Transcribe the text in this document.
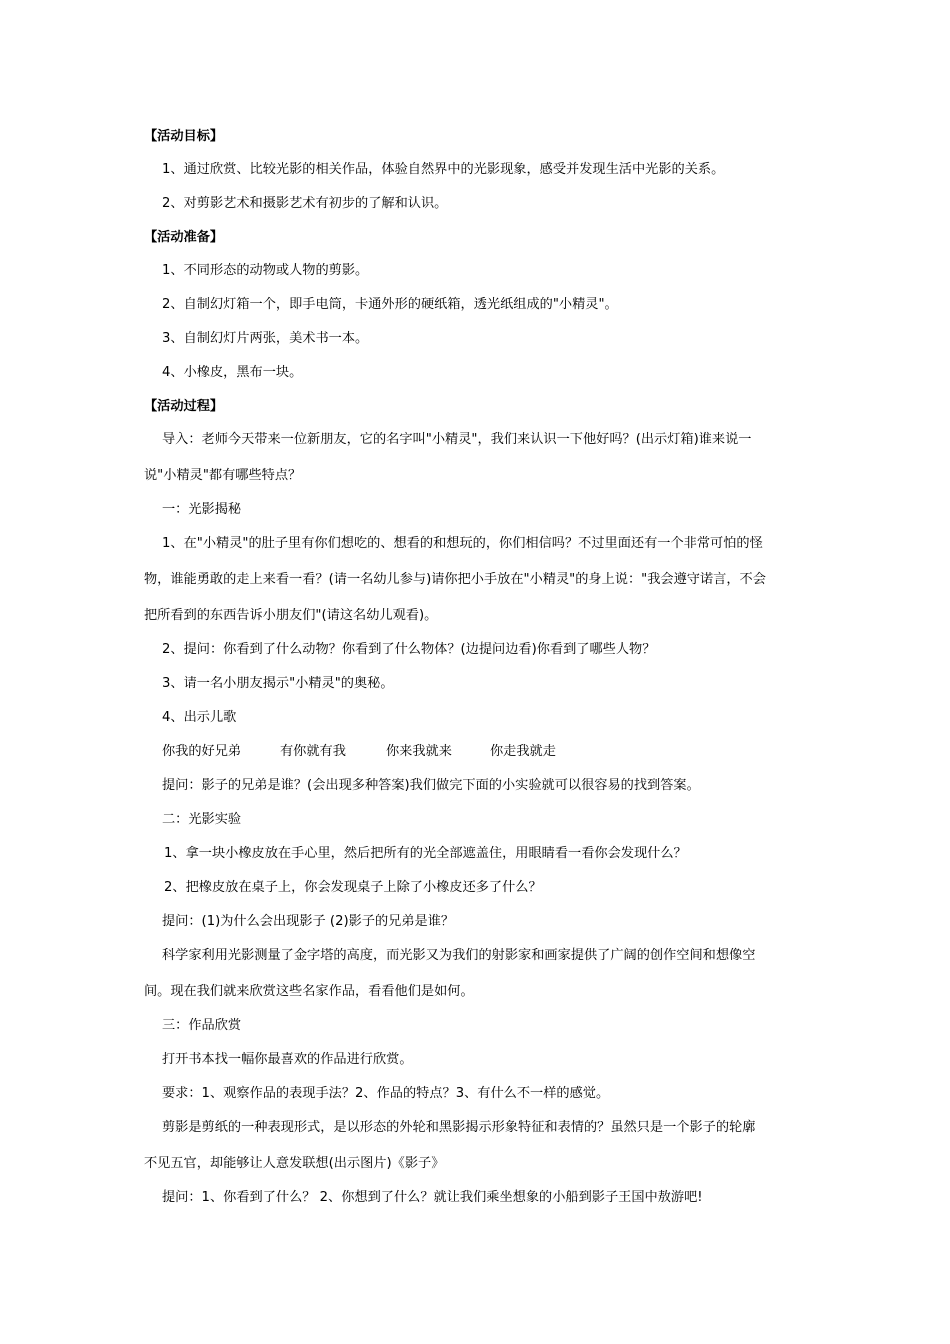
【活动目标】

1、通过欣赏、比较光影的相关作品，体验自然界中的光影现象，感受并发现生活中光影的关系。

2、对剪影艺术和摄影艺术有初步的了解和认识。

【活动准备】

1、不同形态的动物或人物的剪影。

2、自制幻灯箱一个，即手电筒，卡通外形的硬纸箱，透光纸组成的"小精灵"。

3、自制幻灯片两张，美术书一本。

4、小橡皮，黑布一块。

【活动过程】

导入：老师今天带来一位新朋友，它的名字叫"小精灵"，我们来认识一下他好吗？(出示灯箱)谁来说一

说"小精灵"都有哪些特点？

一：光影揭秘

1、在"小精灵"的肚子里有你们想吃的、想看的和想玩的，你们相信吗？不过里面还有一个非常可怕的怪

物，谁能勇敢的走上来看一看？(请一名幼儿参与)请你把小手放在"小精灵"的身上说："我会遵守诺言，不会

把所看到的东西告诉小朋友们"(请这名幼儿观看)。

2、提问：你看到了什么动物？你看到了什么物体？(边提问边看)你看到了哪些人物？

3、请一名小朋友揭示"小精灵"的奥秘。

4、出示儿歌

你我的好兄弟	有你就有我	你来我就来	你走我就走

提问：影子的兄弟是谁？(会出现多种答案)我们做完下面的小实验就可以很容易的找到答案。

二：光影实验

1、拿一块小橡皮放在手心里，然后把所有的光全部遮盖住，用眼睛看一看你会发现什么？

2、把橡皮放在桌子上，你会发现桌子上除了小橡皮还多了什么？

提问：(1)为什么会出现影子 (2)影子的兄弟是谁？

科学家利用光影测量了金字塔的高度，而光影又为我们的射影家和画家提供了广阔的创作空间和想像空

间。现在我们就来欣赏这些名家作品，看看他们是如何。

三：作品欣赏

打开书本找一幅你最喜欢的作品进行欣赏。

要求：1、观察作品的表现手法？2、作品的特点？3、有什么不一样的感觉。

剪影是剪纸的一种表现形式，是以形态的外轮和黑影揭示形象特征和表情的？虽然只是一个影子的轮廓

不见五官，却能够让人意发联想(出示图片)《影子》

提问：1、你看到了什么？ 2、你想到了什么？就让我们乘坐想象的小船到影子王国中敖游吧!
